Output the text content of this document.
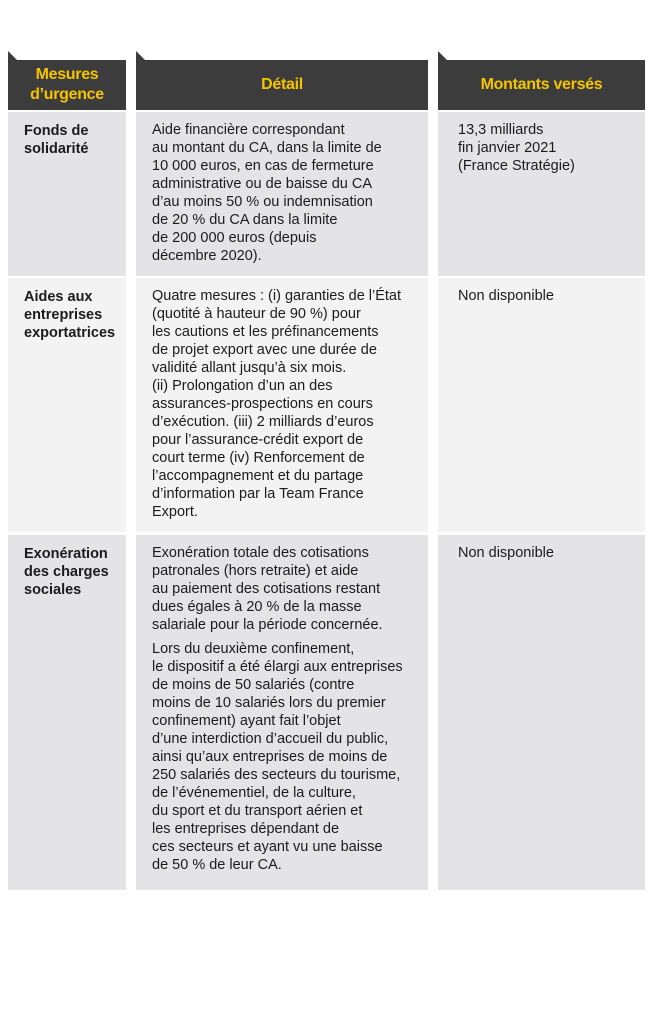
Mesures
d’urgence
Détail	Montants versés
Fonds de
solidarité

Aide financière correspondant
au montant du CA, dans la limite de
10 000 euros, en cas de fermeture
administrative ou de baisse du CA
d’au moins 50 % ou indemnisation
de 20 % du CA dans la limite
de 200 000 euros (depuis
décembre 2020).

13,3 milliards
fin janvier 2021
(France Stratégie)
Aides aux
entreprises
exportatrices

Quatre mesures : (i) garanties de l’État
(quotité à hauteur de 90 %) pour
les cautions et les préfinancements
de projet export avec une durée de
validité allant jusqu’à six mois.
(ii) Prolongation d’un an des
assurances-prospections en cours
d’exécution. (iii) 2 milliards d’euros
pour l’assurance-crédit export de
court terme (iv) Renforcement de
l’accompagnement et du partage
d’information par la Team France
Export.

Non disponible
Exonération
des charges
sociales

Exonération totale des cotisations
patronales (hors retraite) et aide
au paiement des cotisations restant
dues égales à 20 % de la masse
salariale pour la période concernée.

Lors du deuxième confinement,
le dispositif a été élargi aux entreprises
de moins de 50 salariés (contre
moins de 10 salariés lors du premier
confinement) ayant fait l’objet
d’une interdiction d’accueil du public,
ainsi qu’aux entreprises de moins de
250 salariés des secteurs du tourisme,
de l’événementiel, de la culture,
du sport et du transport aérien et
les entreprises dépendant de
ces secteurs et ayant vu une baisse
de 50 % de leur CA.

Non disponible
